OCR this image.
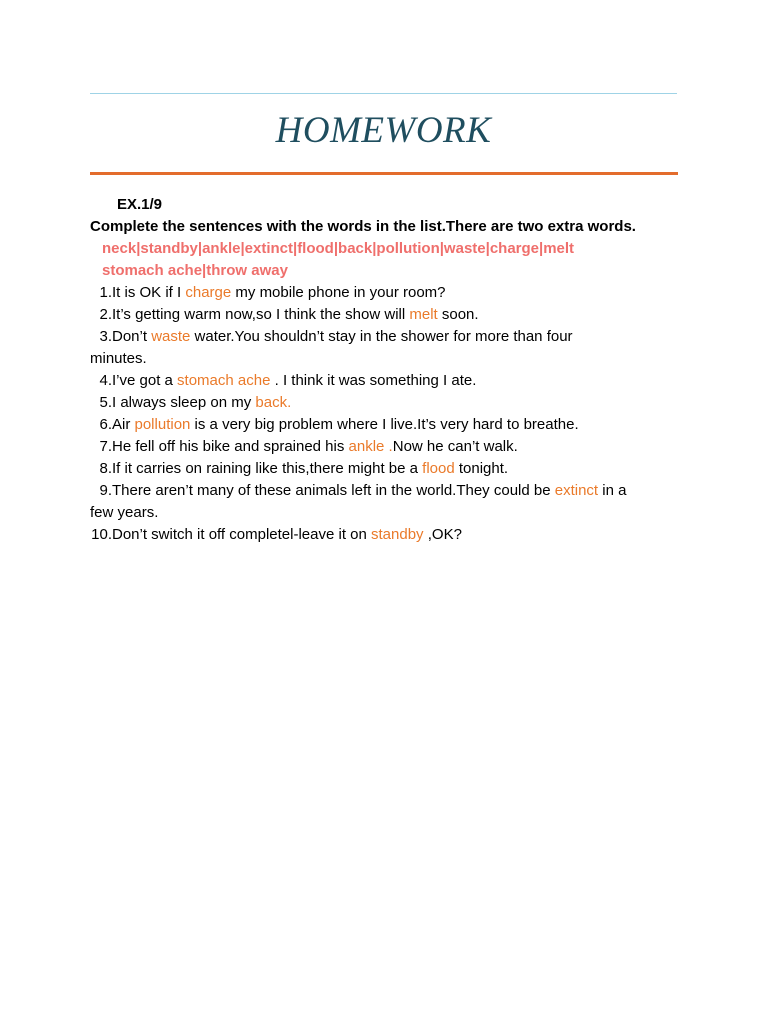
HOMEWORK
EX.1/9
Complete the sentences with the words in the list.There are two extra words.
neck|standby|ankle|extinct|flood|back|pollution|waste|charge|melt
stomach ache|throw away
1.It is OK if I charge my mobile phone in your room?
2.It’s getting warm now,so I think the show will melt soon.
3.Don’t waste water.You shouldn’t stay in the shower for more than four
minutes.
4.I’ve got a stomach ache . I think it was something I ate.
5.I always sleep on my back.
6.Air pollution is a very big problem where I live.It’s very hard to breathe.
7.He fell off his bike and sprained his ankle .Now he can’t walk.
8.If it carries on raining like this,there might be a flood tonight.
9.There aren’t many of these animals left in the world.They could be extinct in a
few years.
10.Don’t switch it off completel-leave it on standby ,OK?
